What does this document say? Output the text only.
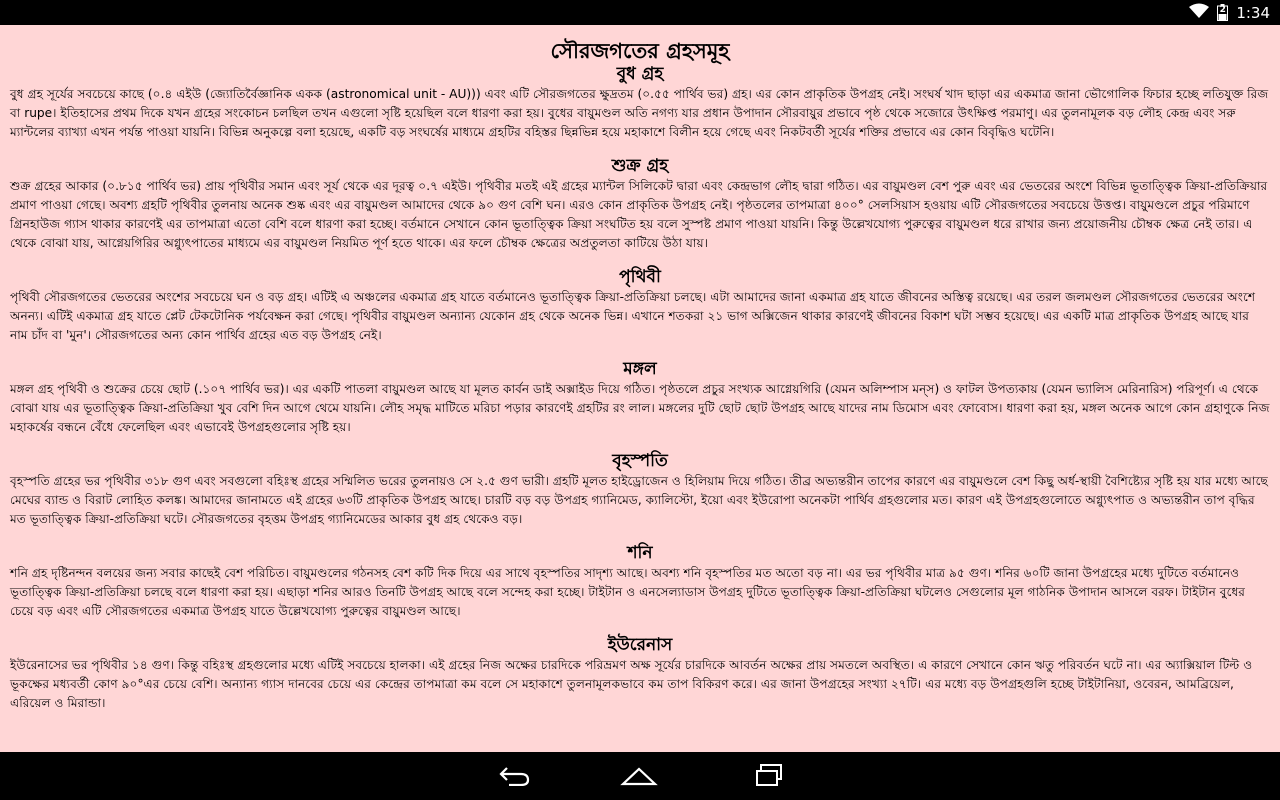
2 1:34
সৌরজগতের গ্রহসমূহ
বুধ গ্রহ

বুধ গ্রহ সূর্যের সবচেয়ে কাছে (০.৪ এইউ (জ্যোতির্বৈজ্ঞানিক একক (astronomical unit - AU))) এবং এটি সৌরজগতের ক্ষুদ্রতম (০.৫৫ পার্থিব ভর) গ্রহ। এর কোন প্রাকৃতিক উপগ্রহ নেই। সংঘর্ষ খাদ ছাড়া এর একমাত্র জানা ভৌগোলিক ফিচার হচ্ছে লতিযুক্ত রিজ বা rupe। ইতিহাসের প্রথম দিকে যখন গ্রহের সংকোচন চলছিল তখন এগুলো সৃষ্টি হয়েছিল বলে ধারণা করা হয়। বুধের বায়ুমণ্ডল অতি নগণ্য যার প্রধান উপাদান সৌরবায়ুর প্রভাবে পৃষ্ঠ থেকে সজোরে উৎক্ষিপ্ত পরমাণু। এর তুলনামূলক বড় লৌহ কেন্দ্র এবং সরু ম্যান্টলের ব্যাখ্যা এখন পর্যন্ত পাওয়া যায়নি। বিভিন্ন অনুকল্পে বলা হয়েছে, একটি বড় সংঘর্ষের মাধ্যমে গ্রহটির বহিস্তর ছিন্নভিন্ন হয়ে মহাকাশে বিলীন হয়ে গেছে এবং নিকটবর্তী সূর্যের শক্তির প্রভাবে এর কোন বিবৃদ্ধিও ঘটেনি।

শুক্র গ্রহ

শুক্র গ্রহের আকার (০.৮১৫ পার্থিব ভর) প্রায় পৃথিবীর সমান এবং সূর্য থেকে এর দূরত্ব ০.৭ এইউ। পৃথিবীর মতই এই গ্রহের ম্যান্টল সিলিকেট দ্বারা এবং কেন্দ্রভাগ লৌহ দ্বারা গঠিত। এর বায়ুমণ্ডল বেশ পুরু এবং এর ভেতরের অংশে বিভিন্ন ভূতাত্ত্বিক ক্রিয়া-প্রতিক্রিয়ার প্রমাণ পাওয়া গেছে। অবশ্য গ্রহটি পৃথিবীর তুলনায় অনেক শুষ্ক এবং এর বায়ুমণ্ডল আমাদের থেকে ৯০ গুণ বেশি ঘন। এরও কোন প্রাকৃতিক উপগ্রহ নেই। পৃষ্ঠতলের তাপমাত্রা ৪০০° সেলসিয়াস হওয়ায় এটি সৌরজগতের সবচেয়ে উত্তপ্ত। বায়ুমণ্ডলে প্রচুর পরিমাণে গ্রিনহাউজ গ্যাস থাকার কারণেই এর তাপমাত্রা এতো বেশি বলে ধারণা করা হচ্ছে। বর্তমানে সেখানে কোন ভূতাত্ত্বিক ক্রিয়া সংঘটিত হয় বলে সুস্পষ্ট প্রমাণ পাওয়া যায়নি। কিন্তু উল্লেখযোগ্য পুরুত্বের বায়ুমণ্ডল ধরে রাখার জন্য প্রয়োজনীয় চৌম্বক ক্ষেত্র নেই তার। এ থেকে বোঝা যায়, আগ্নেয়গিরির অগ্ন্যুৎপাতের মাধ্যমে এর বায়ুমণ্ডল নিয়মিত পূর্ণ হতে থাকে। এর ফলে চৌম্বক ক্ষেত্রের অপ্রতুলতা কাটিয়ে উঠা যায়।

পৃথিবী

পৃথিবী সৌরজগতের ভেতরের অংশের সবচেয়ে ঘন ও বড় গ্রহ। এটিই এ অঞ্চলের একমাত্র গ্রহ যাতে বর্তমানেও ভূতাত্ত্বিক ক্রিয়া-প্রতিক্রিয়া চলছে। এটা আমাদের জানা একমাত্র গ্রহ যাতে জীবনের অস্তিত্ব রয়েছে। এর তরল জলমণ্ডল সৌরজগতের ভেতরের অংশে অনন্য। এটিই একমাত্র গ্রহ যাতে প্লেট টেকটোনিক পর্যবেক্ষন করা গেছে। পৃথিবীর বায়ুমণ্ডল অন্যান্য যেকোন গ্রহ থেকে অনেক ভিন্ন। এখানে শতকরা ২১ ভাগ অক্সিজেন থাকার কারণেই জীবনের বিকাশ ঘটা সম্ভব হয়েছে। এর একটি মাত্র প্রাকৃতিক উপগ্রহ আছে যার নাম চাঁদ বা 'মুন'। সৌরজগতের অন্য কোন পার্থিব গ্রহের এত বড় উপগ্রহ নেই।

মঙ্গল

মঙ্গল গ্রহ পৃথিবী ও শুক্রের চেয়ে ছোট (.১০৭ পার্থিব ভর)। এর একটি পাতলা বায়ুমণ্ডল আছে যা মূলত কার্বন ডাই অক্সাইড দিয়ে গঠিত। পৃষ্ঠতলে প্রচুর সংখ্যক আগ্নেয়গিরি (যেমন অলিম্পাস মন্‌স) ও ফাটল উপত্যকায় (যেমন ভ্যালিস মেরিনারিস) পরিপূর্ণ। এ থেকে বোঝা যায় এর ভূতাত্ত্বিক ক্রিয়া-প্রতিক্রিয়া খুব বেশি দিন আগে থেমে যায়নি। লৌহ সমৃদ্ধ মাটিতে মরিচা পড়ার কারণেই গ্রহটির রং লাল। মঙ্গলের দুটি ছোট ছোট উপগ্রহ আছে যাদের নাম ডিমোস এবং ফোবোস। ধারণা করা হয়, মঙ্গল অনেক আগে কোন গ্রহাণুকে নিজ মহাকর্ষের বন্ধনে বেঁধে ফেলেছিল এবং এভাবেই উপগ্রহগুলোর সৃষ্টি হয়।

বৃহস্পতি

বৃহস্পতি গ্রহের ভর পৃথিবীর ৩১৮ গুণ এবং সবগুলো বহিঃস্থ গ্রহের সম্মিলিত ভরের তুলনায়ও সে ২.৫ গুণ ভারী। গ্রহটি মূলত হাইড্রোজেন ও হিলিয়াম দিয়ে গঠিত। তীব্র অভ্যন্তরীন তাপের কারণে এর বায়ুমণ্ডলে বেশ কিছু অর্ধ-স্থায়ী বৈশিষ্ট্যের সৃষ্টি হয় যার মধ্যে আছে মেঘের ব্যান্ড ও বিরাট লোহিত কলঙ্ক। আমাদের জানামতে এই গ্রহের ৬৩টি প্রাকৃতিক উপগ্রহ আছে। চারটি বড় বড় উপগ্রহ গ্যানিমেড, ক্যালিস্টো, ইয়ো এবং ইউরোপা অনেকটা পার্থিব গ্রহগুলোর মত। কারণ এই উপগ্রহগুলোতে অগ্ন্যুৎপাত ও অভ্যন্তরীন তাপ বৃদ্ধির মত ভূতাত্ত্বিক ক্রিয়া-প্রতিক্রিয়া ঘটে। সৌরজগতের বৃহত্তম উপগ্রহ গ্যানিমেডের আকার বুধ গ্রহ থেকেও বড়।

শনি

শনি গ্রহ দৃষ্টিনন্দন বলয়ের জন্য সবার কাছেই বেশ পরিচিত। বায়ুমণ্ডলের গঠনসহ বেশ কটি দিক দিয়ে এর সাথে বৃহস্পতির সাদৃশ্য আছে। অবশ্য শনি বৃহস্পতির মত অতো বড় না। এর ভর পৃথিবীর মাত্র ৯৫ গুণ। শনির ৬০টি জানা উপগ্রহের মধ্যে দুটিতে বর্তমানেও ভূতাত্ত্বিক ক্রিয়া-প্রতিক্রিয়া চলছে বলে ধারণা করা হয়। এছাড়া শনির আরও তিনটি উপগ্রহ আছে বলে সন্দেহ করা হচ্ছে। টাইটান ও এনসেল্যাডাস উপগ্রহ দুটিতে ভূতাত্ত্বিক ক্রিয়া-প্রতিক্রিয়া ঘটলেও সেগুলোর মূল গাঠনিক উপাদান আসলে বরফ। টাইটান বুধের চেয়ে বড় এবং এটি সৌরজগতের একমাত্র উপগ্রহ যাতে উল্লেখযোগ্য পুরুত্বের বায়ুমণ্ডল আছে।

ইউরেনাস

ইউরেনাসের ভর পৃথিবীর ১৪ গুণ। কিন্তু বহিঃস্থ গ্রহগুলোর মধ্যে এটিই সবচেয়ে হালকা। এই গ্রহের নিজ অক্ষের চারদিকে পরিভ্রমণ অক্ষ সূর্যের চারদিকে আবর্তন অক্ষের প্রায় সমতলে অবস্থিত। এ কারণে সেখানে কোন ঋতু পরিবর্তন ঘটে না। এর অ্যাক্সিয়াল টিল্ট ও ভূকক্ষের মধ্যবর্তী কোণ ৯০°এর চেয়ে বেশি। অন্যান্য গ্যাস দানবের চেয়ে এর কেন্দ্রের তাপমাত্রা কম বলে সে মহাকাশে তুলনামূলকভাবে কম তাপ বিকিরণ করে। এর জানা উপগ্রহের সংখ্যা ২৭টি। এর মধ্যে বড় উপগ্রহগুলি হচ্ছে টাইটানিয়া, ওবেরন, আমব্রিয়েল, এরিয়েল ও মিরান্ডা।
